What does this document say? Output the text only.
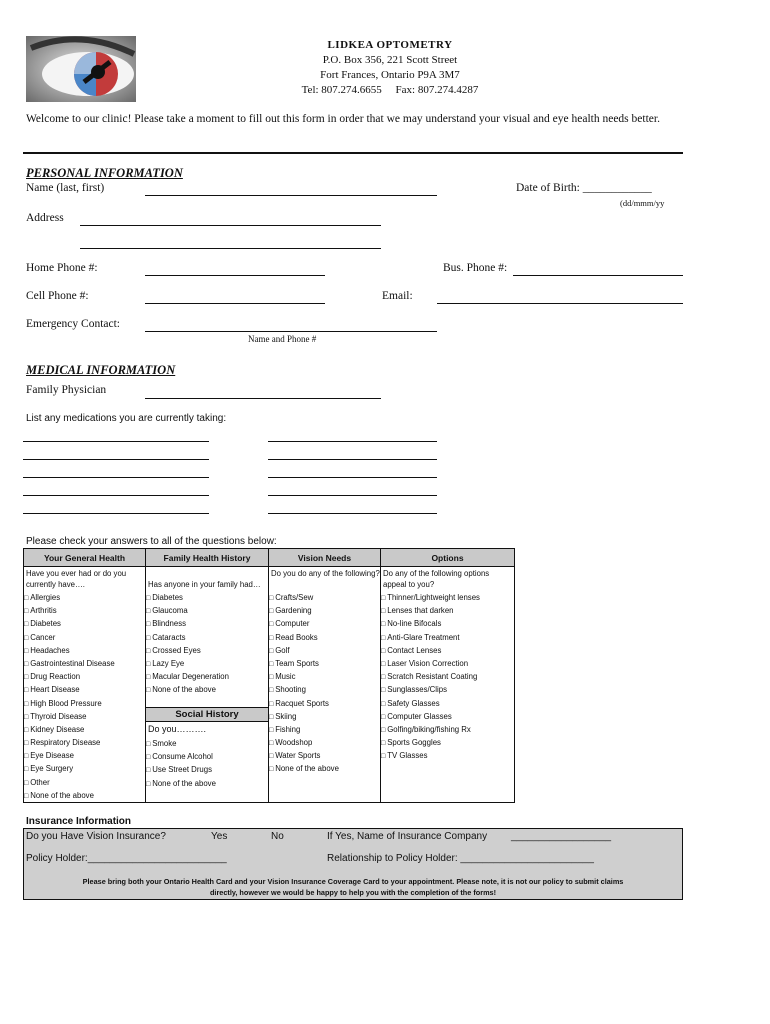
LIDKEA OPTOMETRY
P.O. Box 356, 221 Scott Street
Fort Frances, Ontario P9A 3M7
Tel: 807.274.6655     Fax: 807.274.4287
Welcome to our clinic! Please take a moment to fill out this form in order that we may understand your visual and eye health needs better.
PERSONAL INFORMATION
Name (last, first)	Date of Birth: ____________
(dd/mmm/yy
Address
Home Phone #:	Bus. Phone #:
Cell Phone #:	Email:
Emergency Contact:
Name and Phone #
MEDICAL INFORMATION
Family Physician
List any medications you are currently taking:
Please check your answers to all of the questions below:
Your General Health	Family Health History	Vision Needs	Options
Have you ever had or do you currently have….
□ Allergies
□ Arthritis
□ Diabetes
□ Cancer
□ Headaches
□ Gastrointestinal Disease
□ Drug Reaction
□ Heart Disease
□ High Blood Pressure
□ Thyroid Disease
□ Kidney Disease
□ Respiratory Disease
□ Eye Disease
□ Eye Surgery
□ Other
□ None of the above
Has anyone in your family had…
□ Diabetes
□ Glaucoma
□ Blindness
□ Cataracts
□ Crossed Eyes
□ Lazy Eye
□ Macular Degeneration
□ None of the above
Social History
Do you……….
□ Smoke
□ Consume Alcohol
□ Use Street Drugs
□ None of the above
Do you do any of the following?
□ Crafts/Sew
□ Gardening
□ Computer
□ Read Books
□ Golf
□ Team Sports
□ Music
□ Shooting
□ Racquet Sports
□ Skiing
□ Fishing
□ Woodshop
□ Water Sports
□ None of the above
Do any of the following options appeal to you?
□ Thinner/Lightweight lenses
□ Lenses that darken
□ No-line Bifocals
□ Anti-Glare Treatment
□ Contact Lenses
□ Laser Vision Correction
□ Scratch Resistant Coating
□ Sunglasses/Clips
□ Safety Glasses
□ Computer Glasses
□ Golfing/biking/fishing Rx
□ Sports Goggles
□ TV Glasses
Insurance Information
Do you Have Vision Insurance?	Yes	No	If Yes, Name of Insurance Company __________________
Policy Holder:_________________________	Relationship to Policy Holder: ________________________
Please bring both your Ontario Health Card and your Vision Insurance Coverage Card to your appointment. Please note, it is not our policy to submit claims
directly, however we would be happy to help you with the completion of the forms!
